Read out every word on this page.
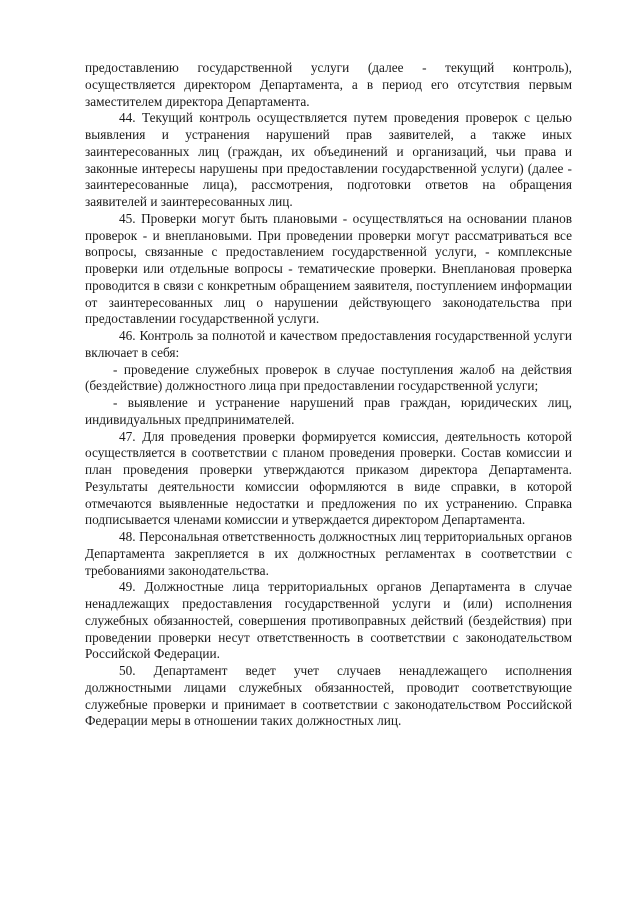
предоставлению государственной услуги (далее - текущий контроль), осуществляется директором Департамента, а в период его отсутствия первым заместителем директора Департамента.

44. Текущий контроль осуществляется путем проведения проверок с целью выявления и устранения нарушений прав заявителей, а также иных заинтересованных лиц (граждан, их объединений и организаций, чьи права и законные интересы нарушены при предоставлении государственной услуги) (далее - заинтересованные лица), рассмотрения, подготовки ответов на обращения заявителей и заинтересованных лиц.

45. Проверки могут быть плановыми - осуществляться на основании планов проверок - и внеплановыми. При проведении проверки могут рассматриваться все вопросы, связанные с предоставлением государственной услуги, - комплексные проверки или отдельные вопросы - тематические проверки. Внеплановая проверка проводится в связи с конкретным обращением заявителя, поступлением информации от заинтересованных лиц о нарушении действующего законодательства при предоставлении государственной услуги.

46. Контроль за полнотой и качеством предоставления государственной услуги включает в себя:

- проведение служебных проверок в случае поступления жалоб на действия (бездействие) должностного лица при предоставлении государственной услуги;

- выявление и устранение нарушений прав граждан, юридических лиц, индивидуальных предпринимателей.

47. Для проведения проверки формируется комиссия, деятельность которой осуществляется в соответствии с планом проведения проверки. Состав комиссии и план проведения проверки утверждаются приказом директора Департамента. Результаты деятельности комиссии оформляются в виде справки, в которой отмечаются выявленные недостатки и предложения по их устранению. Справка подписывается членами комиссии и утверждается директором Департамента.

48. Персональная ответственность должностных лиц территориальных органов Департамента закрепляется в их должностных регламентах в соответствии с требованиями законодательства.

49. Должностные лица территориальных органов Департамента в случае ненадлежащих предоставления государственной услуги и (или) исполнения служебных обязанностей, совершения противоправных действий (бездействия) при проведении проверки несут ответственность в соответствии с законодательством Российской Федерации.

50. Департамент ведет учет случаев ненадлежащего исполнения должностными лицами служебных обязанностей, проводит соответствующие служебные проверки и принимает в соответствии с законодательством Российской Федерации меры в отношении таких должностных лиц.
